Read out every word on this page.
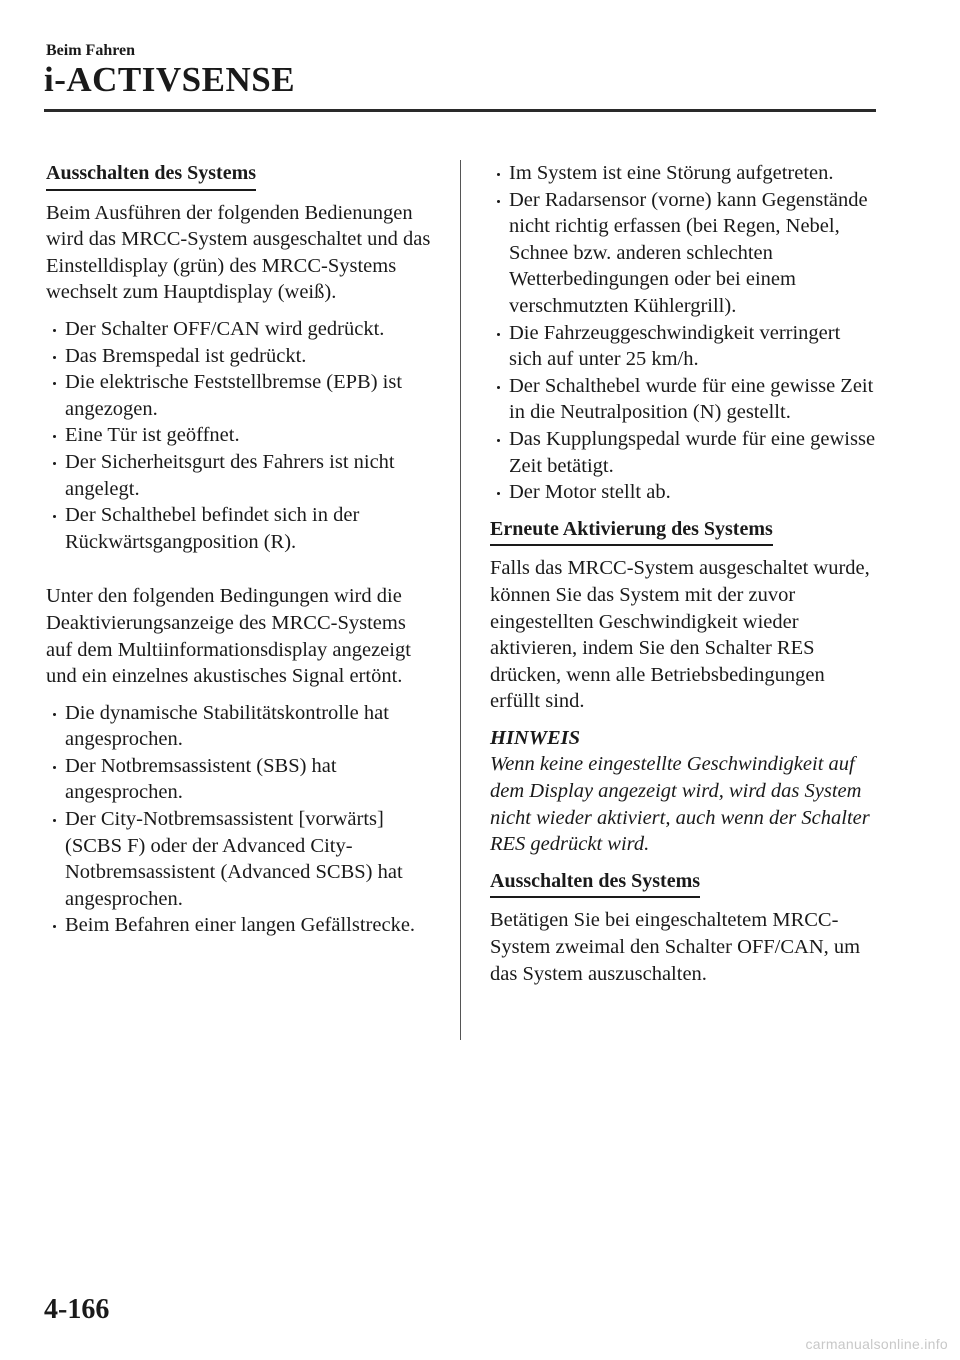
Beim Fahren
i-ACTIVSENSE
Ausschalten des Systems

Beim Ausführen der folgenden Bedienungen wird das MRCC-System ausgeschaltet und das Einstelldisplay (grün) des MRCC-Systems wechselt zum Hauptdisplay (weiß).

Der Schalter OFF/CAN wird gedrückt.
Das Bremspedal ist gedrückt.
Die elektrische Feststellbremse (EPB) ist angezogen.
Eine Tür ist geöffnet.
Der Sicherheitsgurt des Fahrers ist nicht angelegt.
Der Schalthebel befindet sich in der Rückwärtsgangposition (R).

Unter den folgenden Bedingungen wird die Deaktivierungsanzeige des MRCC-Systems auf dem Multiinformationsdisplay angezeigt und ein einzelnes akustisches Signal ertönt.

Die dynamische Stabilitätskontrolle hat angesprochen.
Der Notbremsassistent (SBS) hat angesprochen.
Der City-Notbremsassistent [vorwärts] (SCBS F) oder der Advanced City-Notbremsassistent (Advanced SCBS) hat angesprochen.
Beim Befahren einer langen Gefällstrecke.
Im System ist eine Störung aufgetreten.
Der Radarsensor (vorne) kann Gegenstände nicht richtig erfassen (bei Regen, Nebel, Schnee bzw. anderen schlechten Wetterbedingungen oder bei einem verschmutzten Kühlergrill).
Die Fahrzeuggeschwindigkeit verringert sich auf unter 25 km/h.
Der Schalthebel wurde für eine gewisse Zeit in die Neutralposition (N) gestellt.
Das Kupplungspedal wurde für eine gewisse Zeit betätigt.
Der Motor stellt ab.
Erneute Aktivierung des Systems

Falls das MRCC-System ausgeschaltet wurde, können Sie das System mit der zuvor eingestellten Geschwindigkeit wieder aktivieren, indem Sie den Schalter RES drücken, wenn alle Betriebsbedingungen erfüllt sind.

HINWEIS
Wenn keine eingestellte Geschwindigkeit auf dem Display angezeigt wird, wird das System nicht wieder aktiviert, auch wenn der Schalter RES gedrückt wird.
Ausschalten des Systems

Betätigen Sie bei eingeschaltetem MRCC-System zweimal den Schalter OFF/CAN, um das System auszuschalten.

4-166
carmanualsonline.info
